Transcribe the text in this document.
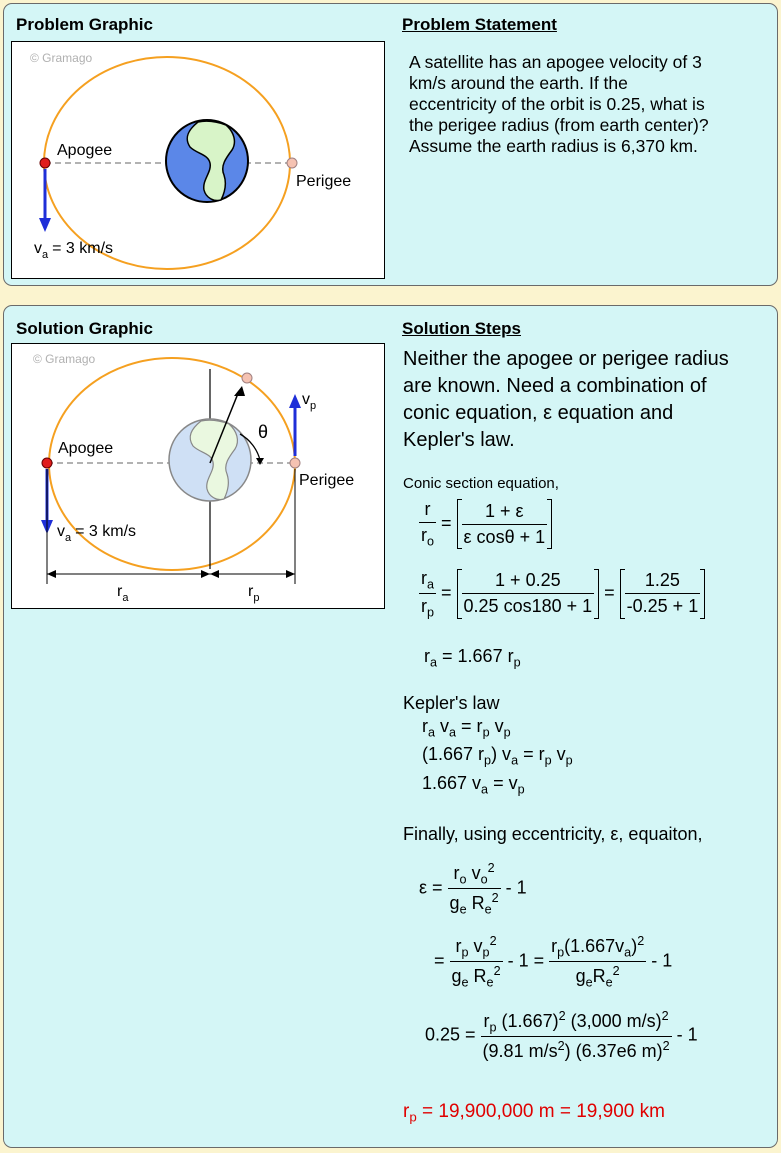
Problem Graphic	Problem Statement
© Gramago
Apogee
Perigee
$v_a = 3$ km/s
A satellite has an apogee velocity of 3
km/s around the earth. If the
eccentricity of the orbit is 0.25, what is
the perigee radius (from earth center)?
Assume the earth radius is 6,370 km.
Solution Graphic	Solution Steps
© Gramago
θ
Apogee
Perigee
$v_a = 3$ km/s
$v_p$
$r_a$	$r_p$
Neither the apogee or perigee radius
are known. Need a combination of
conic equation, ε equation and
Kepler's law.
Conic section equation,
$\frac{r}{r_o} = \frac{1 + \varepsilon}{\text{ε cosθ + 1}}$
$\frac{r_a}{r_p} = \frac{1 + 0.25}{0.25 \cos 180 + 1} = \frac{1.25}{-0.25 + 1}$
$r_a = 1.667$ $r_p$
Kepler's law
$r_a$ $v_a = r_p$ $v_p$
(1.667 $r_p$) $v_a = r_p$ $v_p$
1.667 $v_a = v_p$
Finally, using eccentricity, ε, equaiton,
$\varepsilon = \frac{r_o v_o^2}{g_e R_e^2} - 1$
= $\frac{r_p v_p^2}{g_e R_e^2} - 1 = \frac{r_p(1.667v_a)^2}{g_eR_e^2} - 1$
$0.25 = \frac{r_p (1.667)^2 (3,000 m/s)^2}{(9.81 m/s^2) (6.37e6 m)^2} - 1$
$r_p = 19,900,000$ m = 19,900 km
